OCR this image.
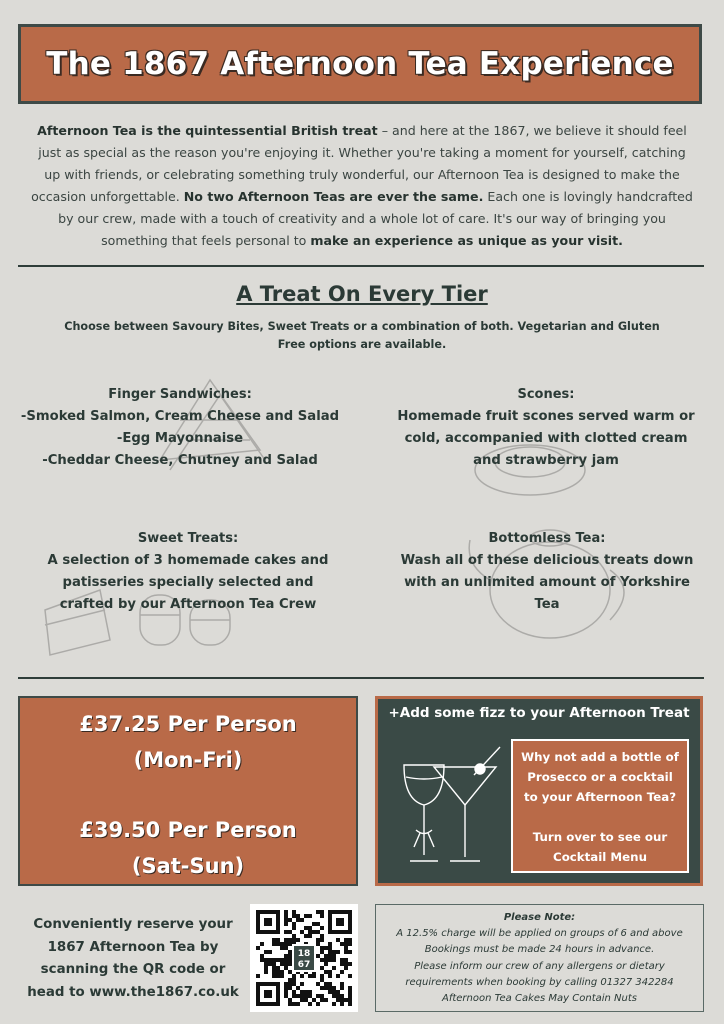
The 1867 Afternoon Tea Experience

Afternoon Tea is the quintessential British treat – and here at the 1867, we believe it should feel just as special as the reason you're enjoying it. Whether you're taking a moment for yourself, catching up with friends, or celebrating something truly wonderful, our Afternoon Tea is designed to make the occasion unforgettable. No two Afternoon Teas are ever the same. Each one is lovingly handcrafted by our crew, made with a touch of creativity and a whole lot of care. It's our way of bringing you something that feels personal to make an experience as unique as your visit.

A Treat On Every Tier

Choose between Savoury Bites, Sweet Treats or a combination of both. Vegetarian and Gluten Free options are available.

Finger Sandwiches:
-Smoked Salmon, Cream Cheese and Salad
-Egg Mayonnaise
-Cheddar Cheese, Chutney and Salad
Scones:
Homemade fruit scones served warm or
cold, accompanied with clotted cream
and strawberry jam
Sweet Treats:
A selection of 3 homemade cakes and
patisseries specially selected and
crafted by our Afternoon Tea Crew
Bottomless Tea:
Wash all of these delicious treats down
with an unlimited amount of Yorkshire
Tea
£37.25 Per Person
(Mon-Fri)
£39.50 Per Person
(Sat-Sun)
+Add some fizz to your Afternoon Treat
Why not add a bottle of
Prosecco or a cocktail
to your Afternoon Tea?
Turn over to see our
Cocktail Menu
Conveniently reserve your
1867 Afternoon Tea by
scanning the QR code or
head to www.the1867.co.uk
18
67
Please Note:
A 12.5% charge will be applied on groups of 6 and above
Bookings must be made 24 hours in advance.
Please inform our crew of any allergens or dietary
requirements when booking by calling 01327 342284
Afternoon Tea Cakes May Contain Nuts
